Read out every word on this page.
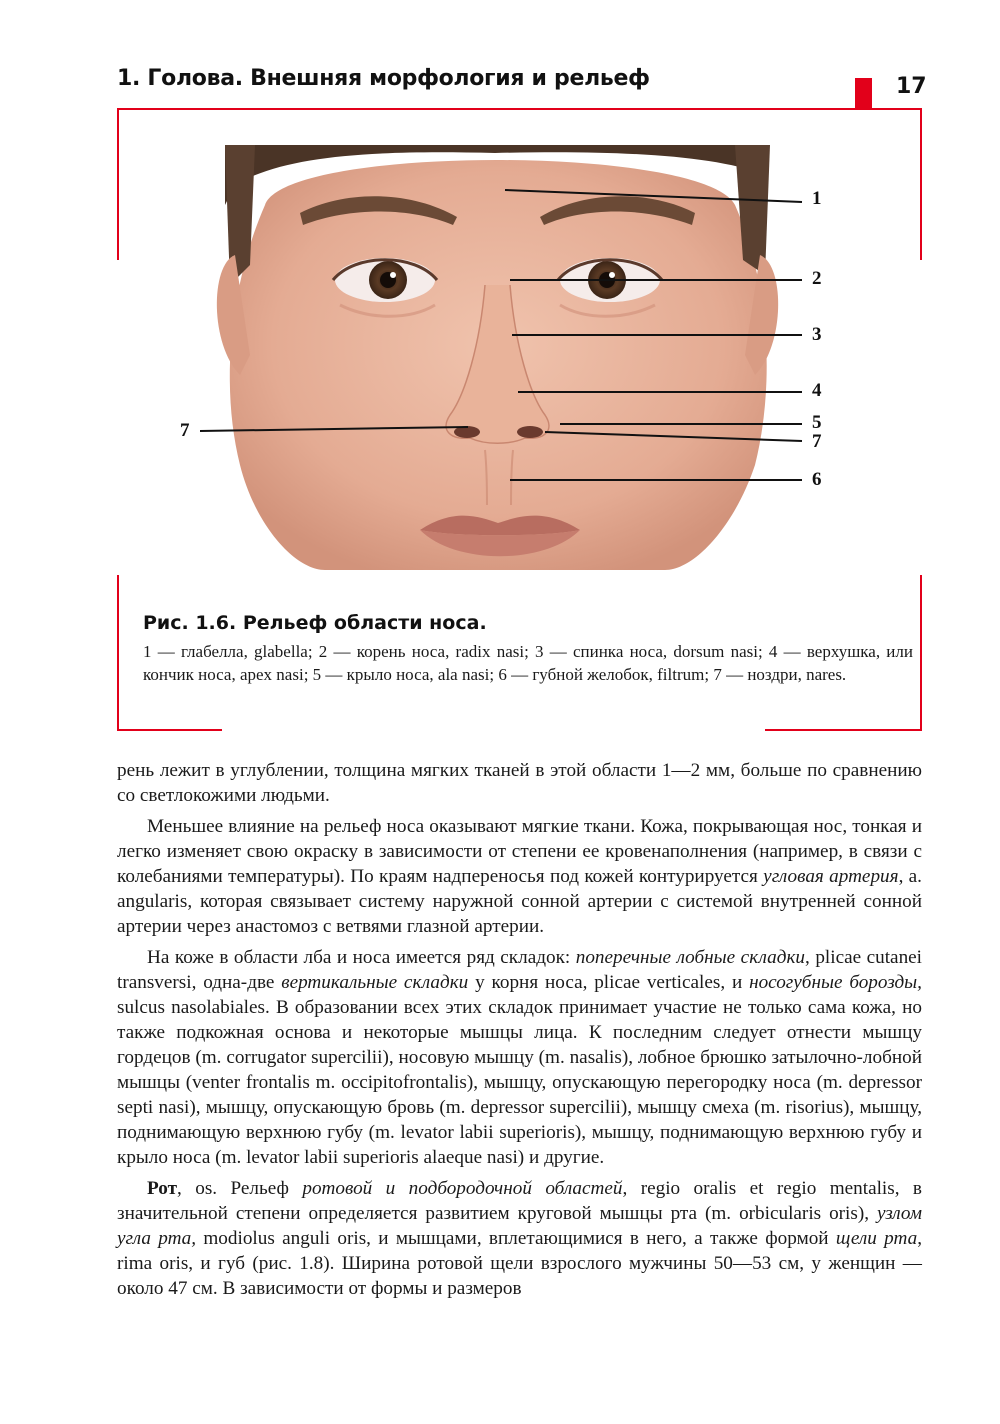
1. Голова. Внешняя морфология и рельеф	17
1
2
3
4
5
7
6
7

Рис. 1.6. Рельеф области носа.

1 — глабелла, glabella; 2 — корень носа, radix nasi; 3 — спинка носа, dorsum nasi; 4 — верхушка, или кончик носа, apex nasi; 5 — крыло носа, ala nasi; 6 — губной желобок, filtrum; 7 — ноздри, nares.

рень лежит в углублении, толщина мягких тканей в этой области 1—2 мм, больше по сравнению со светлокожими людьми.

Меньшее влияние на рельеф носа оказывают мягкие ткани. Кожа, покрывающая нос, тонкая и легко изменяет свою окраску в зависимости от степени ее кровенаполнения (например, в связи с колебаниями температуры). По краям надпереносья под кожей контурируется угловая артерия, a. angularis, которая связывает систему наружной сонной артерии с системой внутренней сонной артерии через анастомоз с ветвями глазной артерии.

На коже в области лба и носа имеется ряд складок: поперечные лобные складки, plicae cutanei transversi, одна-две вертикальные складки у корня носа, plicae verticales, и носогубные борозды, sulcus nasolabiales. В образовании всех этих складок принимает участие не только сама кожа, но также подкожная основа и некоторые мышцы лица. К последним следует отнести мышцу гордецов (m. corrugator supercilii), носовую мышцу (m. nasalis), лобное брюшко затылочно-лобной мышцы (venter frontalis m. occipitofrontalis), мышцу, опускающую перегородку носа (m. depressor septi nasi), мышцу, опускающую бровь (m. depressor supercilii), мышцу смеха (m. risorius), мышцу, поднимающую верхнюю губу (m. levator labii superioris), мышцу, поднимающую верхнюю губу и крыло носа (m. levator labii superioris alaeque nasi) и другие.

Рот, os. Рельеф ротовой и подбородочной областей, regio oralis et regio mentalis, в значительной степени определяется развитием круговой мышцы рта (m. orbicularis oris), узлом угла рта, modiolus anguli oris, и мышцами, вплетающимися в него, а также формой щели рта, rima oris, и губ (рис. 1.8). Ширина ротовой щели взрослого мужчины 50—53 см, у женщин — около 47 см. В зависимости от формы и размеров
